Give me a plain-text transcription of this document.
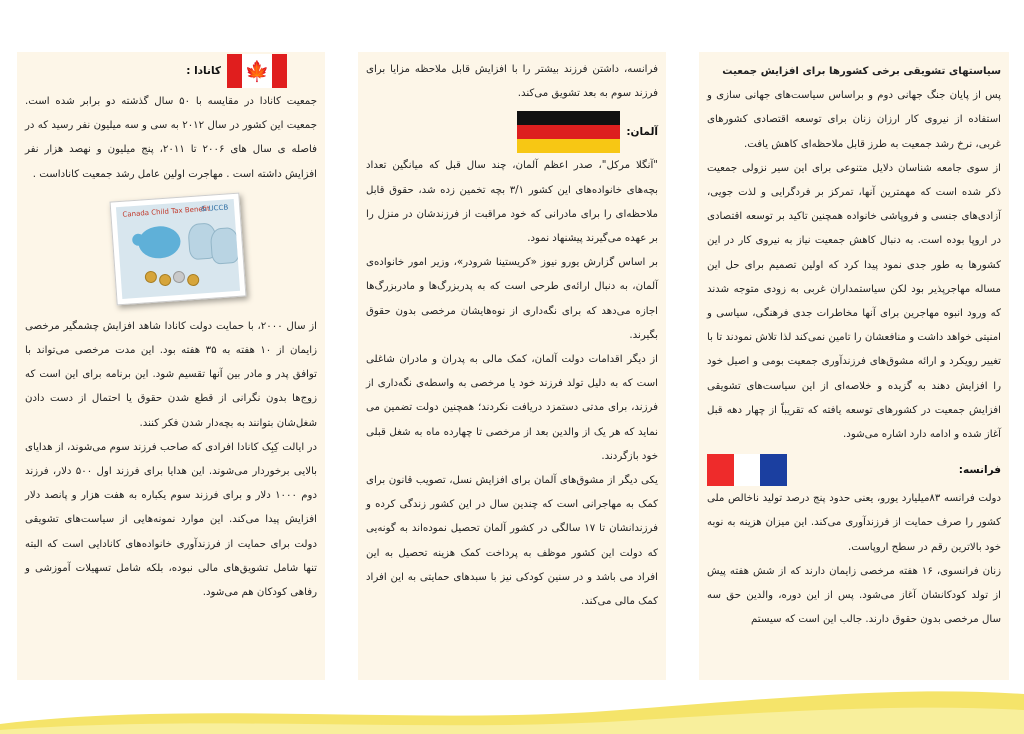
سیاستهای تشویقی برخی کشورها برای افزایش جمعیت

پس از پایان جنگ جهانی دوم و براساس سیاست‌های جهانی سازی و استفاده از نیروی کار ارزان زنان برای توسعه اقتصادی کشورهای غربی، نرخ رشد جمعیت به طرز قابل ملاحظه‌ای کاهش یافت.

از سوی جامعه شناسان دلایل متنوعی برای این سیر نزولی جمعیت ذکر شده است که مهمترین آنها، تمرکز بر فردگرایی و لذت جویی، آزادی‌های جنسی و فروپاشی خانواده همچنین تاکید بر توسعه اقتصادی در اروپا بوده است. به دنبال کاهش جمعیت نیاز به نیروی کار در این کشورها به طور جدی نمود پیدا کرد که اولین تصمیم برای حل این مساله مهاجرپذیر بود لکن سیاستمداران غربی به زودی متوجه شدند که ورود انبوه مهاجرین برای آنها مخاطرات جدی فرهنگی، سیاسی و امنیتی خواهد داشت و منافعشان را تامین نمی‌کند لذا تلاش نمودند تا با تغییر رویکرد و ارائه مشوق‌های فرزندآوری جمعیت بومی و اصیل خود را افزایش دهند به گزیده و خلاصه‌ای از این سیاست‌های تشویقی افزایش جمعیت در کشورهای توسعه یافته که تقریباً از چهار دهه قبل آغاز شده و ادامه دارد اشاره می‌شود.

فرانسه:

دولت فرانسه ۸۳میلیارد یورو، یعنی حدود پنج درصد تولید ناخالص ملی کشور را صرف حمایت از فرزندآوری می‌کند. این میزان هزینه به نوبه خود بالاترین رقم در سطح اروپاست.

زنان فرانسوی، ۱۶ هفته مرخصی زایمان دارند که از شش هفته پیش از تولد کودکانشان آغاز می‌شود. پس از این دوره، والدین حق سه سال مرخصی بدون حقوق دارند. جالب این است که سیستم

فرانسه، داشتن فرزند بیشتر را با افزایش قابل ملاحظه مزایا برای فرزند سوم به بعد تشویق می‌کند.

آلمان:

"آنگلا مرکل"، صدر اعظم آلمان، چند سال قبل که میانگین تعداد بچه‌های خانواده‌های این کشور ۳/۱ بچه تخمین زده شد، حقوق قابل ملاحظه‌ای را برای مادرانی که خود مراقبت از فرزندشان در منزل را بر عهده می‌گیرند پیشنهاد نمود.

بر اساس گزارش یورو نیوز «کریستینا شرودر»، وزیر امور خانواده‌ی آلمان، به دنبال ارائه‌ی طرحی است که به پدربزرگ‌ها و مادربزرگ‌ها اجازه می‌دهد که برای نگه‌داری از نوه‌هایشان مرخصی بدون حقوق بگیرند.

از دیگر اقدامات دولت آلمان، کمک مالی به پدران و مادران شاغلی است که به دلیل تولد فرزند خود یا مرخصی به واسطه‌ی نگه‌داری از فرزند، برای مدتی دستمزد دریافت نکردند؛ همچنین دولت تضمین می نماید که هر یک از والدین بعد از مرخصی تا چهارده ماه به شغل قبلی خود بازگردند.

یکی دیگر از مشوق‌های آلمان برای افزایش نسل، تصویب قانون برای کمک به مهاجرانی است که چندین سال در این کشور زندگی کرده و فرزندانشان تا ۱۷ سالگی در کشور آلمان تحصیل نموده‌اند به گونه‌یی که دولت این کشور موظف به پرداخت کمک هزینه تحصیل به این افراد می باشد و در سنین کودکی نیز با سبدهای حمایتی به این افراد کمک مالی می‌کند.

🍁
کانادا :

جمعیت کانادا در مقایسه با ۵۰ سال گذشته دو برابر شده است. جمعیت این کشور در سال ۲۰۱۲ به سی و سه میلیون نفر رسید که در فاصله ی سال های ۲۰۰۶ تا ۲۰۱۱، پنج میلیون و نهصد هزار نفر افزایش داشته است . مهاجرت اولین عامل رشد جمعیت کاناداست .

Canada Child Tax Benefit
& UCCB

از سال ۲۰۰۰، با حمایت دولت کانادا شاهد افزایش چشمگیر مرخصی زایمان از ۱۰ هفته به ۳۵ هفته بود. این مدت مرخصی می‌تواند با توافق پدر و مادر بین آنها تقسیم شود. این برنامه برای این است که زوج‌ها بدون نگرانی از قطع شدن حقوق یا احتمال از دست دادن شغل‌شان بتوانند به بچه‌دار شدن فکر کنند.

در ایالت کِبِک کانادا افرادی که صاحب فرزند سوم می‌شوند، از هدایای بالایی برخوردار می‌شوند. این هدایا برای فرزند اول ۵۰۰ دلار، فرزند دوم ۱۰۰۰ دلار و برای فرزند سوم یکباره به هفت هزار و پانصد دلار افزایش پیدا می‌کند. این موارد نمونه‌هایی از سیاست‌های تشویقی دولت برای حمایت از فرزندآوری خانواده‌های کانادایی است که البته تنها شامل تشویق‌های مالی نبوده، بلکه شامل تسهیلات آموزشی و رفاهی کودکان هم می‌شود.
